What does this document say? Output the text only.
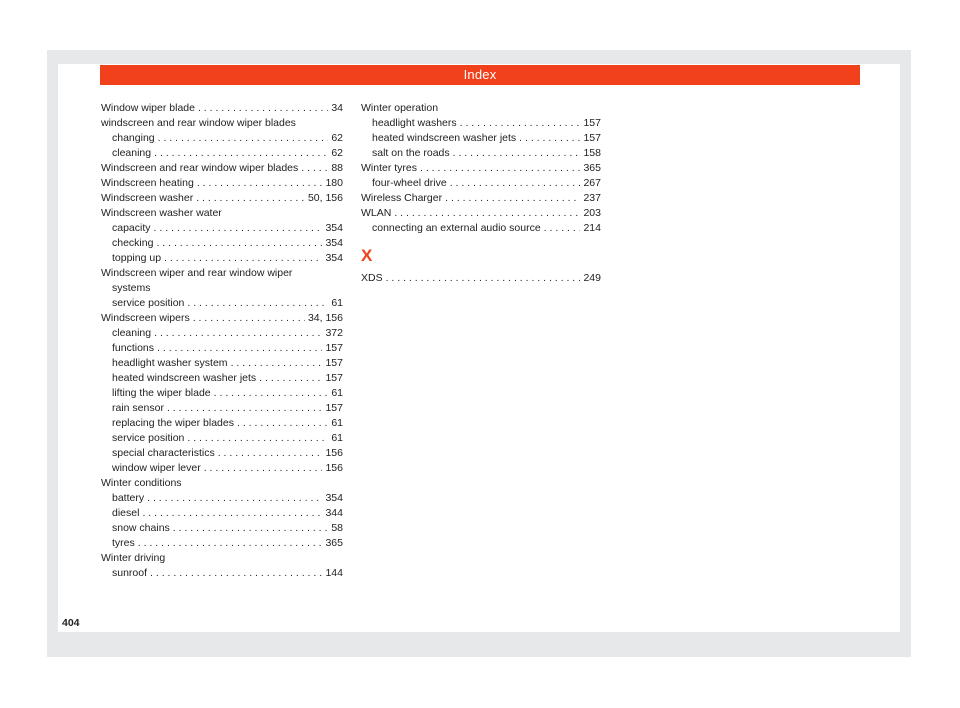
Index
Window wiper blade . . .	34
windscreen and rear window wiper blades
changing . . .	62
cleaning . . .	62
Windscreen and rear window wiper blades . . .	88
Windscreen heating . . .	180
Windscreen washer . . .	50, 156
Windscreen washer water
capacity . . .	354
checking . . .	354
topping up . . .	354
Windscreen wiper and rear window wiper
systems
service position . . .	61
Windscreen wipers . . .	34, 156
cleaning . . .	372
functions . . .	157
headlight washer system . . .	157
heated windscreen washer jets . . .	157
lifting the wiper blade . . .	61
rain sensor . . .	157
replacing the wiper blades . . .	61
service position . . .	61
special characteristics . . .	156
window wiper lever . . .	156
Winter conditions
battery . . .	354
diesel . . .	344
snow chains . . .	58
tyres . . .	365
Winter driving
sunroof . . .	144
Winter operation
headlight washers . . .	157
heated windscreen washer jets . . .	157
salt on the roads . . .	158
Winter tyres . . .	365
four-wheel drive . . .	267
Wireless Charger . . .	237
WLAN . . .	203
connecting an external audio source . . .	214
X
XDS . . .	249
404
